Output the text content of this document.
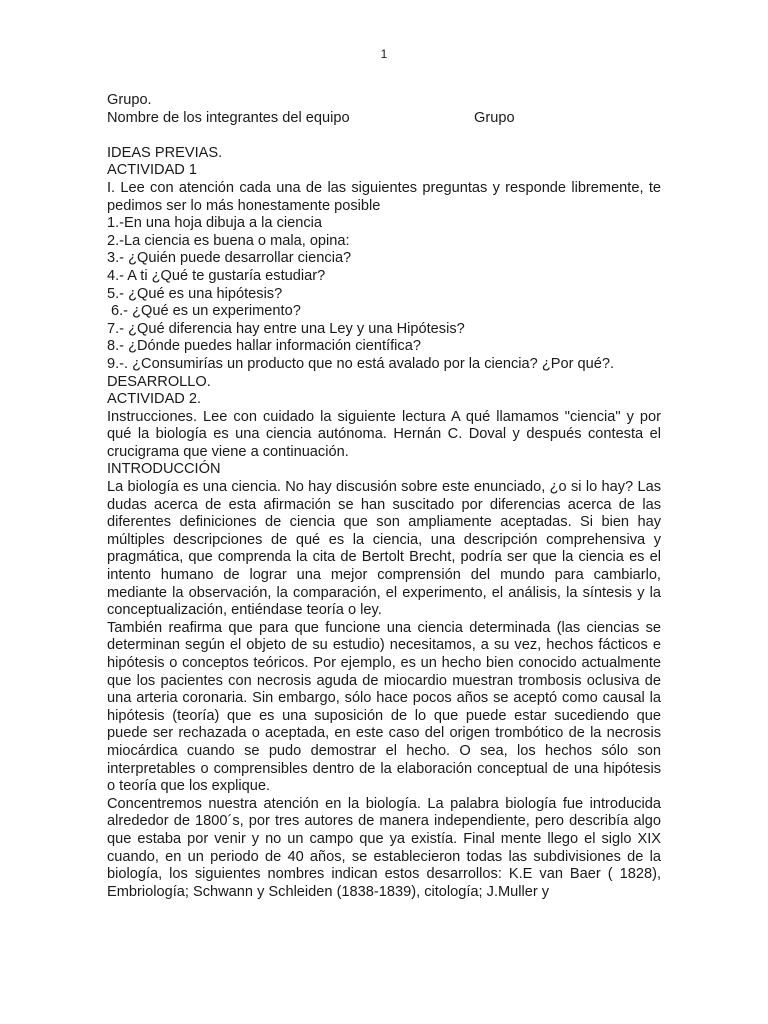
1
Grupo.
Nombre de los integrantes del equipo	Grupo
IDEAS PREVIAS.
ACTIVIDAD 1
I. Lee con atención cada una de las siguientes preguntas y responde libremente, te pedimos ser lo más honestamente posible
1.-En una hoja dibuja a la ciencia
2.-La ciencia es buena o mala, opina:
3.- ¿Quién puede desarrollar ciencia?
4.- A ti ¿Qué te gustaría estudiar?
5.- ¿Qué es una hipótesis?
6.- ¿Qué es un experimento?
7.- ¿Qué diferencia hay entre una Ley y una Hipótesis?
8.- ¿Dónde puedes hallar información científica?
9.-. ¿Consumirías un producto que no está avalado por la ciencia? ¿Por qué?.
DESARROLLO.
ACTIVIDAD 2.
Instrucciones. Lee con cuidado la siguiente lectura A qué llamamos "ciencia" y por qué la biología es una ciencia autónoma. Hernán C. Doval y después contesta el crucigrama que viene a continuación.
INTRODUCCIÓN
La biología es una ciencia. No hay discusión sobre este enunciado, ¿o si lo hay? Las dudas acerca de esta afirmación se han suscitado por diferencias acerca de las diferentes definiciones de ciencia que son ampliamente aceptadas. Si bien hay múltiples descripciones de qué es la ciencia, una descripción comprehensiva y pragmática, que comprenda la cita de Bertolt Brecht, podría ser que la ciencia es el intento humano de lograr una mejor comprensión del mundo para cambiarlo, mediante la observación, la comparación, el experimento, el análisis, la síntesis y la conceptualización, entiéndase teoría o ley.
También reafirma que para que funcione una ciencia determinada (las ciencias se determinan según el objeto de su estudio) necesitamos, a su vez, hechos fácticos e hipótesis o conceptos teóricos. Por ejemplo, es un hecho bien conocido actualmente que los pacientes con necrosis aguda de miocardio muestran trombosis oclusiva de una arteria coronaria. Sin embargo, sólo hace pocos años se aceptó como causal la hipótesis (teoría) que es una suposición de lo que puede estar sucediendo que puede ser rechazada o aceptada, en este caso del origen trombótico de la necrosis miocárdica cuando se pudo demostrar el hecho. O sea, los hechos sólo son interpretables o comprensibles dentro de la elaboración conceptual de una hipótesis o teoría que los explique.
Concentremos nuestra atención en la biología. La palabra biología fue introducida alrededor de 1800´s, por tres autores de manera independiente, pero describía algo que estaba por venir y no un campo que ya existía. Final mente llego el siglo XIX cuando, en un periodo de 40 años, se establecieron todas las subdivisiones de la biología, los siguientes nombres indican estos desarrollos: K.E van Baer ( 1828), Embriología; Schwann y Schleiden (1838-1839), citología; J.Muller y
